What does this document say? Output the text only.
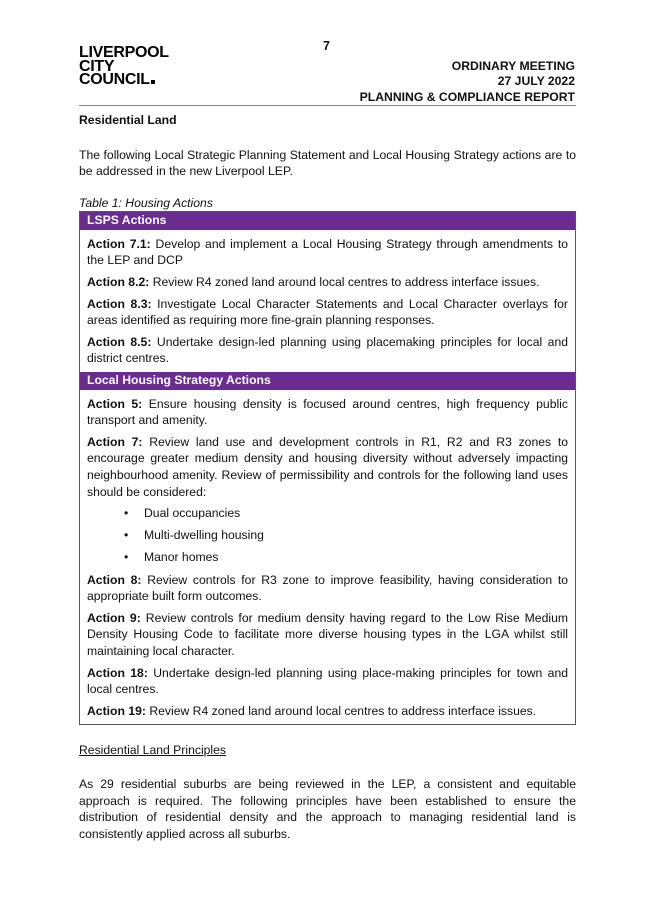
7
LIVERPOOL
CITY
COUNCIL
ORDINARY MEETING
27 JULY 2022
PLANNING & COMPLIANCE REPORT

Residential Land

The following Local Strategic Planning Statement and Local Housing Strategy actions are to be addressed in the new Liverpool LEP.

Table 1: Housing Actions

LSPS Actions

Action 7.1: Develop and implement a Local Housing Strategy through amendments to the LEP and DCP

Action 8.2: Review R4 zoned land around local centres to address interface issues.

Action 8.3: Investigate Local Character Statements and Local Character overlays for areas identified as requiring more fine-grain planning responses.

Action 8.5: Undertake design-led planning using placemaking principles for local and district centres.

Local Housing Strategy Actions

Action 5: Ensure housing density is focused around centres, high frequency public transport and amenity.

Action 7: Review land use and development controls in R1, R2 and R3 zones to encourage greater medium density and housing diversity without adversely impacting neighbourhood amenity. Review of permissibility and controls for the following land uses should be considered:

• Dual occupancies
• Multi-dwelling housing
• Manor homes

Action 8: Review controls for R3 zone to improve feasibility, having consideration to appropriate built form outcomes.

Action 9: Review controls for medium density having regard to the Low Rise Medium Density Housing Code to facilitate more diverse housing types in the LGA whilst still maintaining local character.

Action 18: Undertake design-led planning using place-making principles for town and local centres.

Action 19: Review R4 zoned land around local centres to address interface issues.

Residential Land Principles

As 29 residential suburbs are being reviewed in the LEP, a consistent and equitable approach is required. The following principles have been established to ensure the distribution of residential density and the approach to managing residential land is consistently applied across all suburbs.
